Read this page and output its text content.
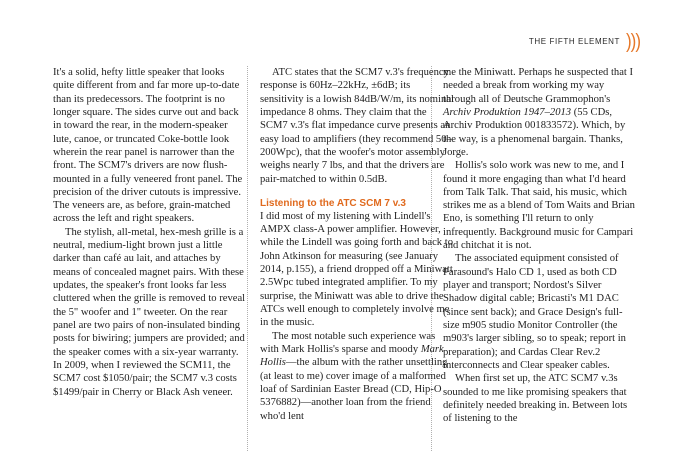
THE FIFTH ELEMENT )))

It's a solid, hefty little speaker that looks quite different from and far more up-to-date than its predecessors. The footprint is no longer square. The sides curve out and back in toward the rear, in the modern-speaker lute, canoe, or truncated Coke-bottle look wherein the rear panel is narrower than the front. The SCM7's drivers are now flush-mounted in a fully veneered front panel. The precision of the driver cutouts is impressive. The veneers are, as before, grain-matched across the left and right speakers.

The stylish, all-metal, hex-mesh grille is a neutral, medium-light brown just a little darker than café au lait, and attaches by means of concealed magnet pairs. With these updates, the speaker's front looks far less cluttered when the grille is removed to reveal the 5" woofer and 1" tweeter. On the rear panel are two pairs of non-insulated binding posts for biwiring; jumpers are provided; and the speaker comes with a six-year warranty. In 2009, when I reviewed the SCM11, the SCM7 cost $1050/pair; the SCM7 v.3 costs $1499/pair in Cherry or Black Ash veneer.

ATC states that the SCM7 v.3's frequency response is 60Hz–22kHz, ±6dB; its sensitivity is a lowish 84dB/W/m, its nominal impedance 8 ohms. They claim that the SCM7 v.3's flat impedance curve presents an easy load to amplifiers (they recommend 50–200Wpc), that the woofer's motor assembly weighs nearly 7 lbs, and that the drivers are pair-matched to within 0.5dB.

Listening to the ATC SCM 7 v.3

I did most of my listening with Lindell's AMPX class-A power amplifier. However, while the Lindell was going forth and back to John Atkinson for measuring (see January 2014, p.155), a friend dropped off a Miniwatt 2.5Wpc tubed integrated amplifier. To my surprise, the Miniwatt was able to drive the ATCs well enough to completely involve me in the music.

The most notable such experience was with Mark Hollis's sparse and moody Mark Hollis—the album with the rather unsettling (at least to me) cover image of a malformed loaf of Sardinian Easter Bread (CD, Hip-O 5376882)—another loan from the friend who'd lent

me the Miniwatt. Perhaps he suspected that I needed a break from working my way through all of Deutsche Grammophon's Archiv Produktion 1947–2013 (55 CDs, Archiv Produktion 001833572). Which, by the way, is a phenomenal bargain. Thanks, Jorge.

Hollis's solo work was new to me, and I found it more engaging than what I'd heard from Talk Talk. That said, his music, which strikes me as a blend of Tom Waits and Brian Eno, is something I'll return to only infrequently. Background music for Campari and chitchat it is not.

The associated equipment consisted of Parasound's Halo CD 1, used as both CD player and transport; Nordost's Silver Shadow digital cable; Bricasti's M1 DAC (since sent back); and Grace Design's full-size m905 studio Monitor Controller (the m903's larger sibling, so to speak; report in preparation); and Cardas Clear Rev.2 interconnects and Clear speaker cables.

When first set up, the ATC SCM7 v.3s sounded to me like promising speakers that definitely needed breaking in. Between lots of listening to the
